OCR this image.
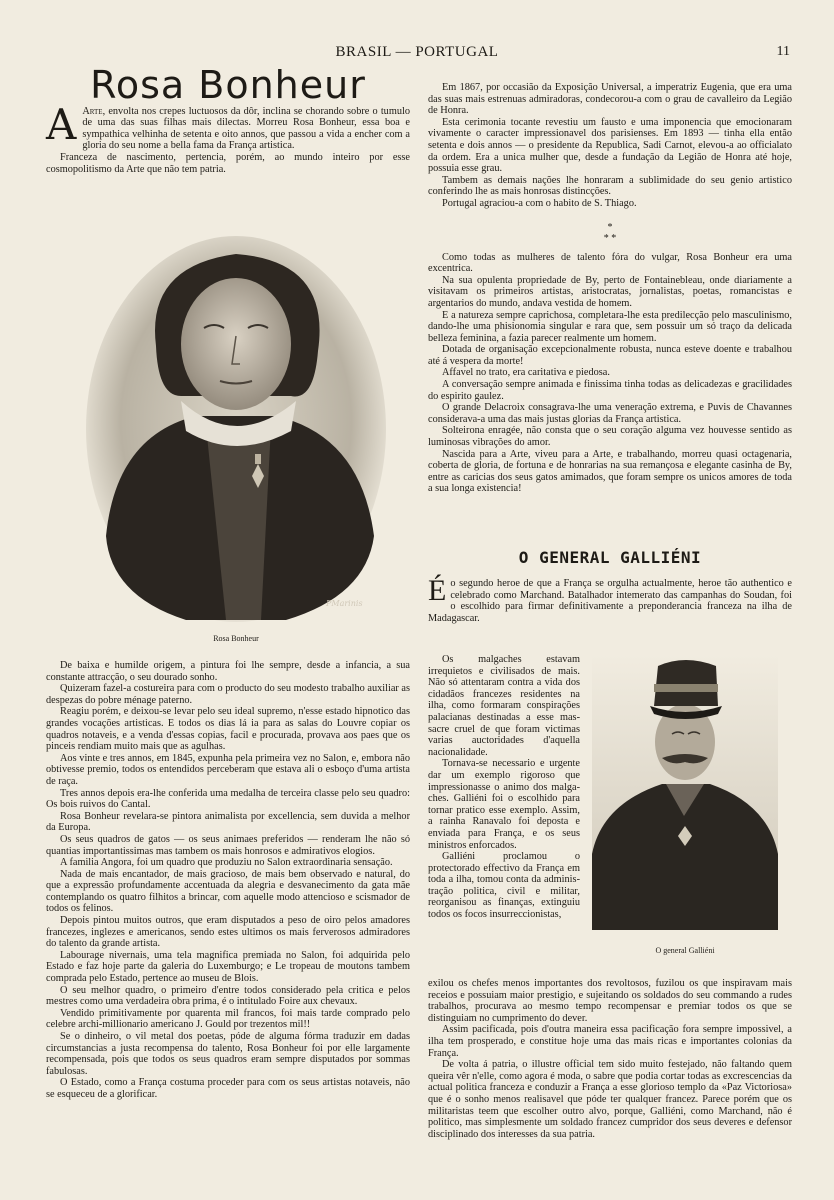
BRASIL — PORTUGAL	11
Rosa Bonheur

A Arte, envolta nos crepes luctuosos da dôr, inclina se chorando sobre o tumulo de uma das suas filhas mais dilectas. Morreu Rosa Bonheur, essa boa e sympathica velhinha de setenta e oito annos, que passou a vida a encher com a gloria do seu nome a bella fama da França artistica.

Franceza de nascimento, pertencia, porém, ao mundo inteiro por esse cosmopolitismo da Arte que não tem patria.

PMarinis
Rosa Bonheur

De baixa e humilde origem, a pintura foi lhe sempre, desde a infancia, a sua constante attracção, o seu dourado sonho.

Quizeram fazel-a costureira para com o producto do seu modesto trabalho auxiliar as despezas do pobre ménage paterno.

Reagiu porém, e deixou-se levar pelo seu ideal supremo, n'esse estado hipnotico das grandes vocações artisticas. E todos os dias lá ia para as salas do Louvre copiar os quadros notaveis, e a venda d'essas copias, facil e procurada, provava aos paes que os pinceis rendiam muito mais que as agulhas.

Aos vinte e tres annos, em 1845, expunha pela primeira vez no Salon, e, embora não obtivesse premio, todos os entendidos perceberam que estava ali o esboço d'uma artista de raça.

Tres annos depois era-lhe conferida uma medalha de terceira classe pelo seu quadro: Os bois ruivos do Cantal.

Rosa Bonheur revelara-se pintora animalista por excellencia, sem duvida a melhor da Europa.

Os seus quadros de gatos — os seus animaes preferidos — renderam lhe não só quantias importantissimas mas tambem os mais honrosos e admirativos elogios.

A familia Angora, foi um quadro que produziu no Salon extraordinaria sensação.

Nada de mais encantador, de mais gracioso, de mais bem observado e natural, do que a expressão profundamente accentuada da alegria e desvanecimento da gata mãe contemplando os quatro filhitos a brincar, com aquelle modo attencioso e scismador de todos os felinos.

Depois pintou muitos outros, que eram disputados a peso de oiro pelos amadores francezes, inglezes e americanos, sendo estes ultimos os mais ferverosos admiradores do talento da grande artista.

Labourage nivernais, uma tela magnifica premiada no Salon, foi adquirida pelo Estado e faz hoje parte da galeria do Luxemburgo; e Le tropeau de moutons tambem comprada pelo Estado, pertence ao museu de Blois.

O seu melhor quadro, o primeiro d'entre todos considerado pela critica e pelos mestres como uma verdadeira obra prima, é o intitulado Foire aux chevaux.

Vendido primitivamente por quarenta mil francos, foi mais tarde comprado pelo celebre archi-millionario americano J. Gould por trezentos mil!!

Se o dinheiro, o vil metal dos poetas, póde de alguma fórma traduzir em dadas circumstancias a justa recompensa do talento, Rosa Bonheur foi por elle largamente recompensada, pois que todos os seus quadros eram sempre disputados por sommas fabulosas.

O Estado, como a França costuma proceder para com os seus artistas notaveis, não se esqueceu de a glorificar.

Em 1867, por occasião da Exposição Universal, a imperatriz Eugenia, que era uma das suas mais estrenuas admiradoras, condecorou-a com o grau de cavalleiro da Legião de Honra.

Esta cerimonia tocante revestiu um fausto e uma imponencia que emocionaram vivamente o caracter impressionavel dos parisienses. Em 1893 — tinha ella então setenta e dois annos — o presidente da Republica, Sadi Carnot, elevou-a ao officialato da ordem. Era a unica mulher que, desde a fundação da Legião de Honra até hoje, possuia esse grau.

Tambem as demais nações lhe honraram a sublimidade do seu genio artistico conferindo lhe as mais honrosas distincções.

Portugal agraciou-a com o habito de S. Thiago.

*
* *

Como todas as mulheres de talento fóra do vulgar, Rosa Bonheur era uma excentrica.

Na sua opulenta propriedade de By, perto de Fontainebleau, onde diariamente a visitavam os primeiros artistas, aristocratas, jornalistas, poetas, romancistas e argentarios do mundo, andava vestida de homem.

E a natureza sempre caprichosa, completara-lhe esta predilecção pelo masculinismo, dando-lhe uma phisionomia singular e rara que, sem possuir um só traço da delicada belleza feminina, a fazia parecer realmente um homem.

Dotada de organisação excepcionalmente robusta, nunca esteve doente e trabalhou até á vespera da morte!

Affavel no trato, era caritativa e piedosa.

A conversação sempre animada e finissima tinha todas as delicadezas e gracilidades do espirito gaulez.

O grande Delacroix consagrava-lhe uma veneração extrema, e Puvis de Chavannes considerava-a uma das mais justas glorias da França artistica.

Solteirona enragée, não consta que o seu coração alguma vez houvesse sentido as luminosas vibrações do amor.

Nascida para a Arte, viveu para a Arte, e trabalhando, morreu quasi octagenaria, coberta de gloria, de fortuna e de honrarias na sua remançosa e elegante casinha de By, entre as caricias dos seus gatos amimados, que foram sempre os unicos amores de toda a sua longa existencia!

O GENERAL GALLIÉNI

É o segundo heroe de que a França se orgulha actualmente, heroe tão authentico e celebrado como Marchand. Batalhador intemerato das campanhas do Soudan, foi o escolhido para firmar definitivamente a preponderancia franceza na ilha de Madagascar.

Os malgaches estavam irrequietos e civilisados de mais. Não só attentaram contra a vida dos cidadãos francezes residentes na ilha, como formaram conspirações palacianas destinadas a esse massacre cruel de que foram victimas varias auctoridades d'aquella nacionalidade.

Tornava-se necessario e urgente dar um exemplo rigoroso que impressionasse o animo dos malgaches. Galliéni foi o escolhido para tornar pratico esse exemplo. Assim, a rainha Ranavalo foi deposta e enviada para França, e os seus ministros enforcados.

Galliéni proclamou o protectorado effectivo da França em toda a ilha, tomou conta da administração politica, civil e militar, reorganisou as finanças, extinguiu todos os focos insurreccionistas,

O general Galliéni

exilou os chefes menos importantes dos revoltosos, fuzilou os que inspiravam mais receios e possuiam maior prestigio, e sujeitando os soldados do seu commando a rudes trabalhos, procurava ao mesmo tempo recompensar e premiar todos os que se distinguiam no cumprimento do dever.

Assim pacificada, pois d'outra maneira essa pacificação fora sempre impossivel, a ilha tem prosperado, e constitue hoje uma das mais ricas e importantes colonias da França.

De volta á patria, o illustre official tem sido muito festejado, não faltando quem queira vêr n'elle, como agora é moda, o sabre que podia cortar todas as excrescencias da actual politica franceza e conduzir a França a esse glorioso templo da «Paz Victoriosa» que é o sonho menos realisavel que póde ter qualquer francez. Parece porém que os militaristas teem que escolher outro alvo, porque, Galliéni, como Marchand, não é politico, mas simplesmente um soldado francez cumpridor dos seus deveres e defensor disciplinado dos interesses da sua patria.
